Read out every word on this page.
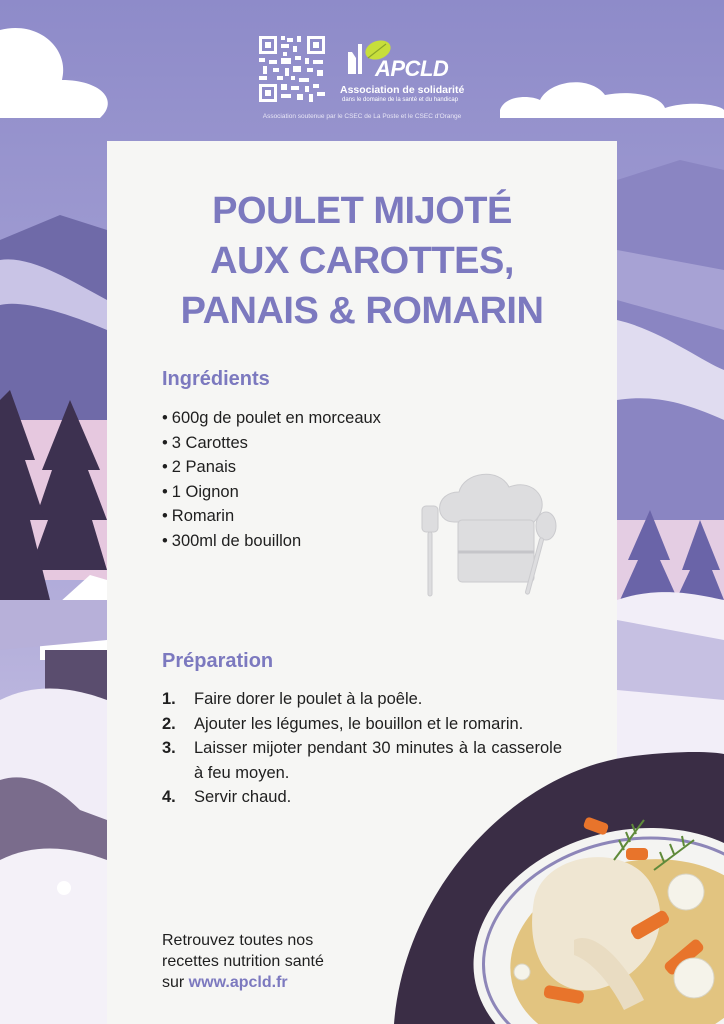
APCLD
Association de solidarité
dans le domaine de la santé et du handicap
Association soutenue par le CSEC de La Poste et le CSEC d'Orange
POULET MIJOTÉ
AUX CAROTTES,
PANAIS & ROMARIN
Ingrédients
• 600g de poulet en morceaux
• 3 Carottes
• 2 Panais
• 1 Oignon
• Romarin
• 300ml de bouillon
Préparation
1.	Faire dorer le poulet à la poêle.
2.	Ajouter les légumes, le bouillon et le romarin.
3.	Laisser mijoter pendant 30 minutes à la casserole à feu moyen.
4.	Servir chaud.
Retrouvez toutes nos
recettes nutrition santé
sur www.apcld.fr
